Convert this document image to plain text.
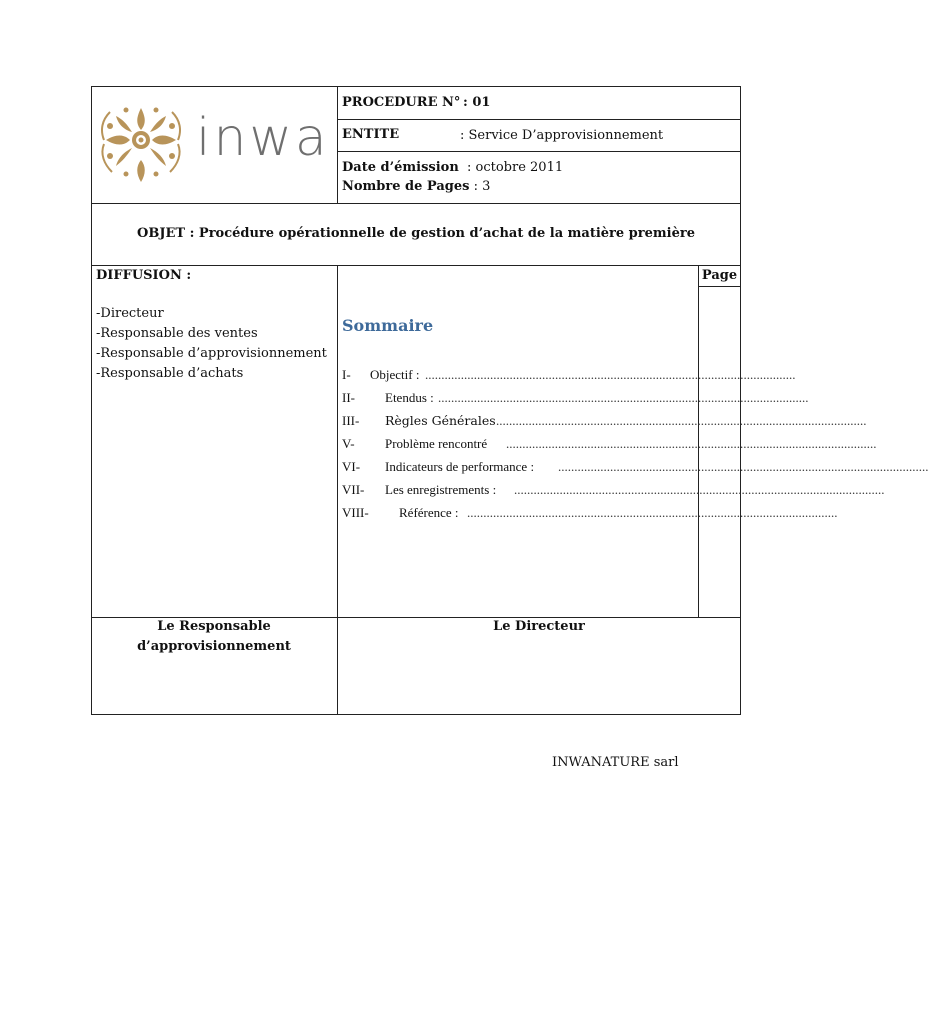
inwa
PROCEDURE N° : 01
ENTITE	: Service D’approvisionnement
Date d’émission : octobre 2011
Nombre de Pages : 3
OBJET : Procédure opérationnelle de gestion d’achat de la matière première
DIFFUSION :
-Directeur
-Responsable des ventes
-Responsable d’approvisionnement
-Responsable d’achats
Page
Sommaire
I- Objectif : ..................................................................................................................
II- Etendus : ..................................................................................................................
III- Règles Générales ..................................................................................................................
V- Problème rencontré ..................................................................................................................
VI- Indicateurs de performance : ..................................................................................................................
VII- Les enregistrements : ..................................................................................................................
VIII- Référence : ..................................................................................................................
Le Responsable
d’approvisionnement
Le Directeur
INWANATURE sarl
